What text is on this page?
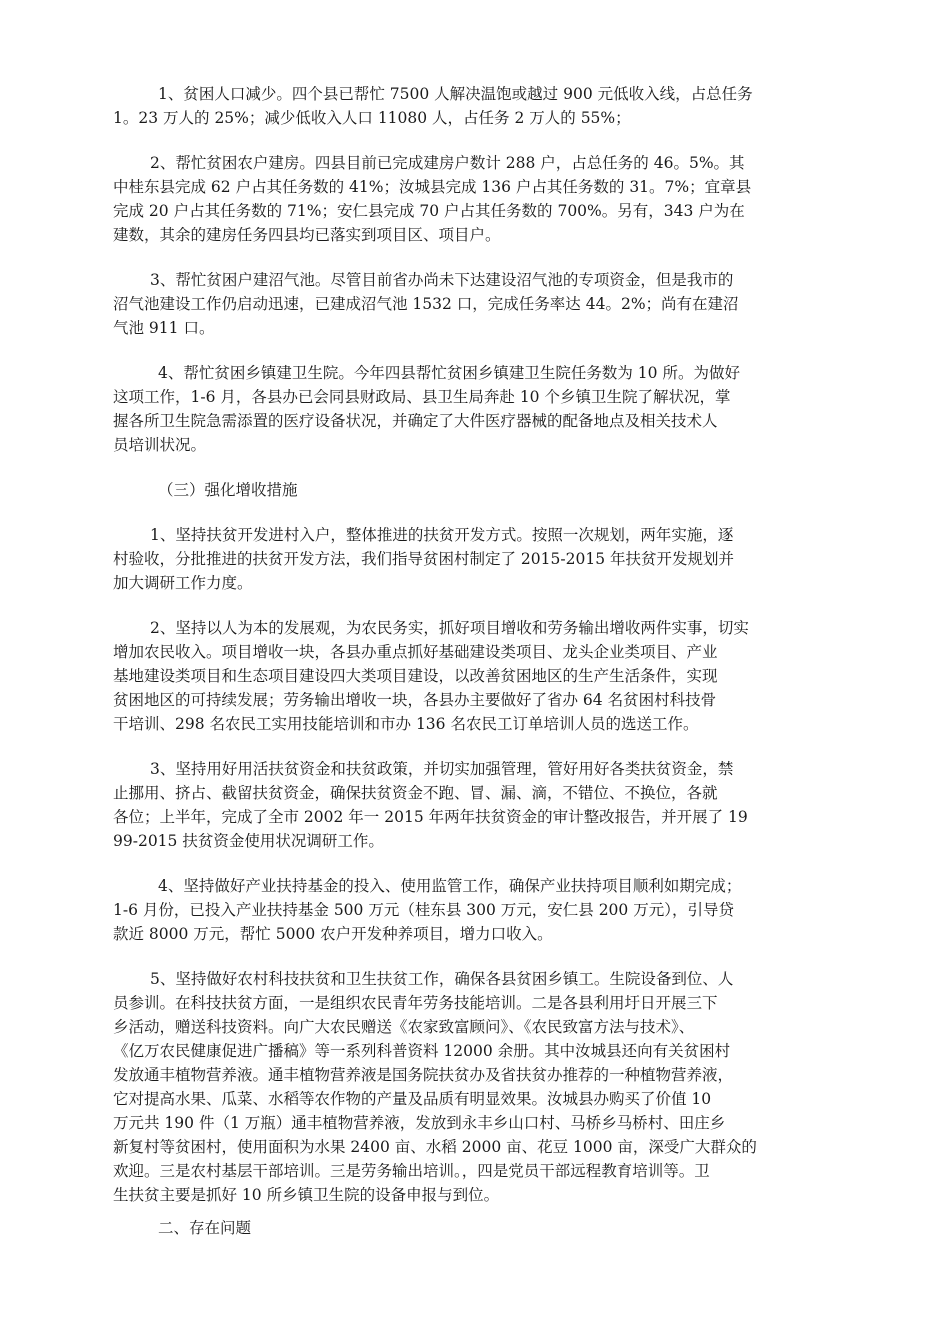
1、贫困人口减少。四个县已帮忙 7500 人解决温饱或越过 900 元低收入线，占总任务
1。23 万人的 25%；减少低收入人口 11080 人，占任务 2 万人的 55%；
2、帮忙贫困农户建房。四县目前已完成建房户数计 288 户，占总任务的 46。5%。其
中桂东县完成 62 户占其任务数的 41%；汝城县完成 136 户占其任务数的 31。7%；宜章县
完成 20 户占其任务数的 71%；安仁县完成 70 户占其任务数的 700%。另有，343 户为在
建数，其余的建房任务四县均已落实到项目区、项目户。
3、帮忙贫困户建沼气池。尽管目前省办尚未下达建设沼气池的专项资金，但是我市的
沼气池建设工作仍启动迅速，已建成沼气池 1532 口，完成任务率达 44。2%；尚有在建沼
气池 911 口。
4、帮忙贫困乡镇建卫生院。今年四县帮忙贫困乡镇建卫生院任务数为 10 所。为做好
这项工作，1-6 月，各县办已会同县财政局、县卫生局奔赴 10 个乡镇卫生院了解状况，掌
握各所卫生院急需添置的医疗设备状况，并确定了大件医疗器械的配备地点及相关技术人
员培训状况。
（三）强化增收措施
1、坚持扶贫开发进村入户，整体推进的扶贫开发方式。按照一次规划，两年实施，逐
村验收，分批推进的扶贫开发方法，我们指导贫困村制定了 2015-2015 年扶贫开发规划并
加大调研工作力度。
2、坚持以人为本的发展观，为农民务实，抓好项目增收和劳务输出增收两件实事，切实
增加农民收入。项目增收一块，各县办重点抓好基础建设类项目、龙头企业类项目、产业
基地建设类项目和生态项目建设四大类项目建设，以改善贫困地区的生产生活条件，实现
贫困地区的可持续发展；劳务输出增收一块，各县办主要做好了省办 64 名贫困村科技骨
干培训、298 名农民工实用技能培训和市办 136 名农民工订单培训人员的选送工作。
3、坚持用好用活扶贫资金和扶贫政策，并切实加强管理，管好用好各类扶贫资金，禁
止挪用、挤占、截留扶贫资金，确保扶贫资金不跑、冒、漏、滴，不错位、不换位，各就
各位；上半年，完成了全市 2002 年一 2015 年两年扶贫资金的审计整改报告，并开展了 19
99-2015 扶贫资金使用状况调研工作。
4、坚持做好产业扶持基金的投入、使用监管工作，确保产业扶持项目顺利如期完成；
1-6 月份，已投入产业扶持基金 500 万元（桂东县 300 万元，安仁县 200 万元），引导贷
款近 8000 万元，帮忙 5000 农户开发种养项目，增力口收入。
5、坚持做好农村科技扶贫和卫生扶贫工作，确保各县贫困乡镇工。生院设备到位、人
员参训。在科技扶贫方面，一是组织农民青年劳务技能培训。二是各县利用圩日开展三下
乡活动，赠送科技资料。向广大农民赠送《农家致富顾问》、《农民致富方法与技术》、
《亿万农民健康促进广播稿》等一系列科普资料 12000 余册。其中汝城县还向有关贫困村
发放通丰植物营养液。通丰植物营养液是国务院扶贫办及省扶贫办推荐的一种植物营养液，
它对提高水果、瓜菜、水稻等农作物的产量及品质有明显效果。汝城县办购买了价值 10
万元共 190 件（1 万瓶）通丰植物营养液，发放到永丰乡山口村、马桥乡马桥村、田庄乡
新复村等贫困村，使用面积为水果 2400 亩、水稻 2000 亩、花豆 1000 亩，深受广大群众的
欢迎。三是农村基层干部培训。三是劳务输出培训。，四是党员干部远程教育培训等。卫
生扶贫主要是抓好 10 所乡镇卫生院的设备申报与到位。
二、存在问题
